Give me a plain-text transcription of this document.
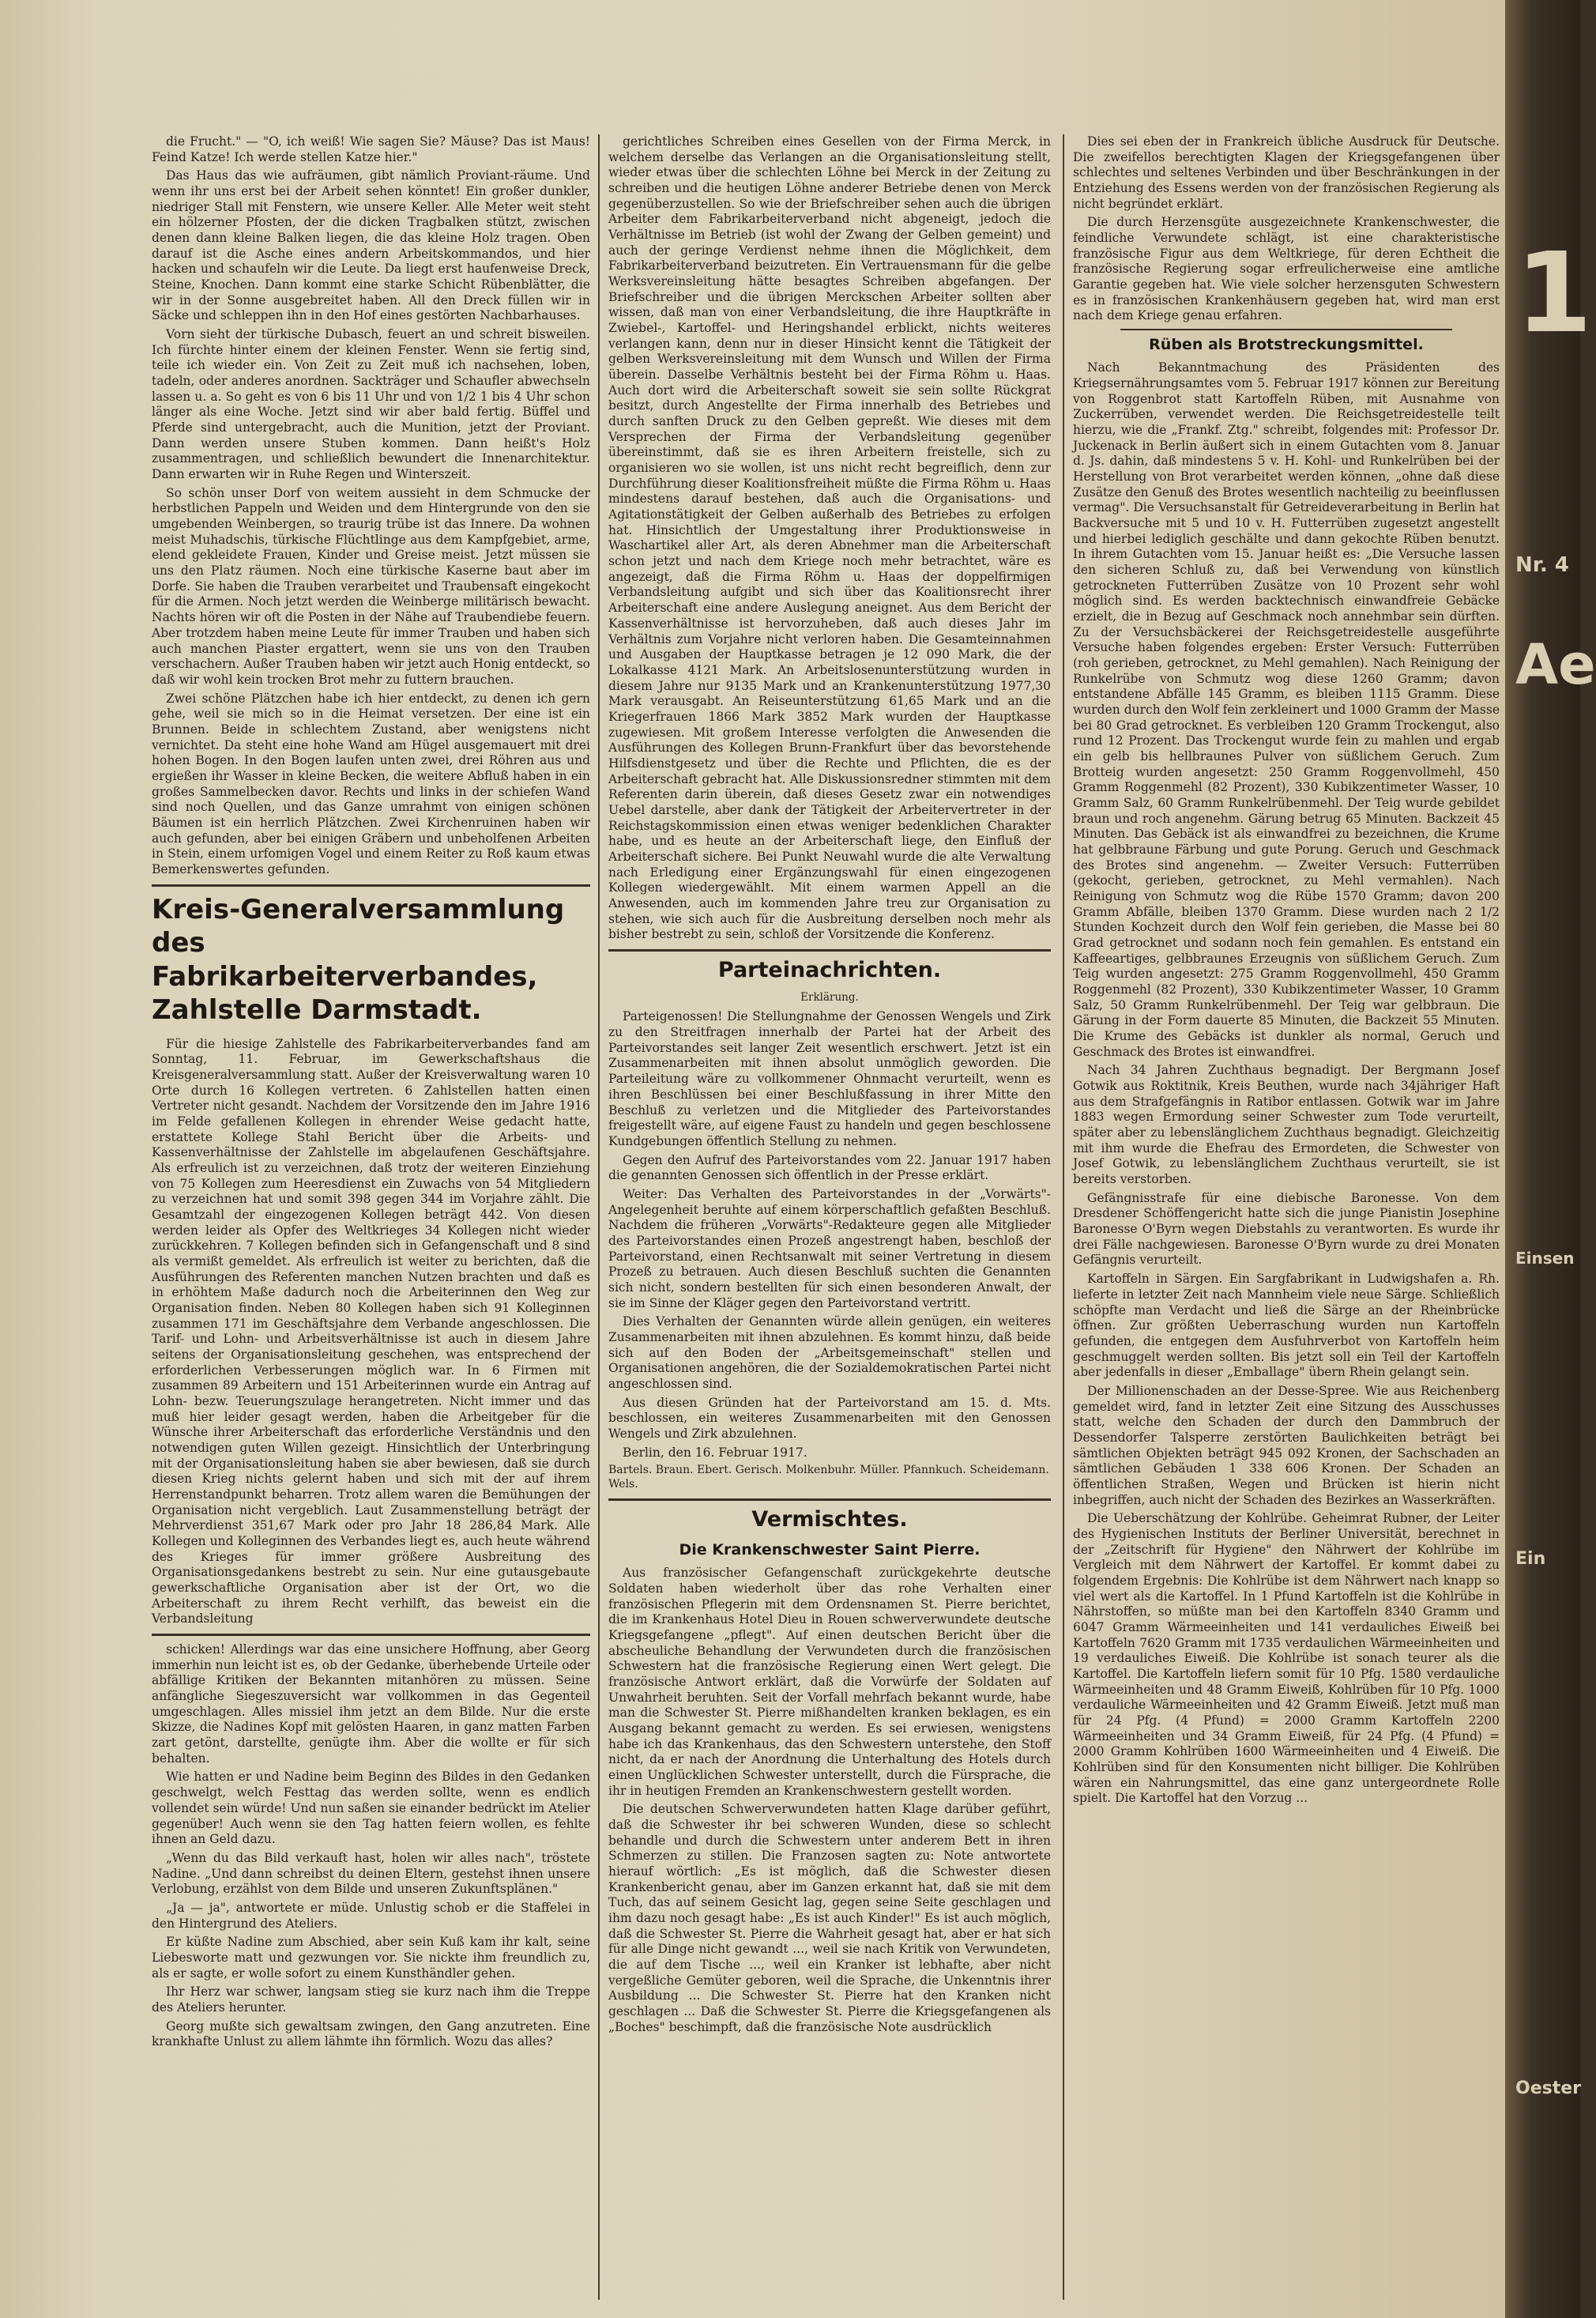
die Frucht." — "O, ich weiß! Wie sagen Sie? Mäuse? Das ist Maus! Feind Katze! Ich werde stellen Katze hier."

Das Haus das wie aufräumen, gibt nämlich Proviant-räume. Und wenn ihr uns erst bei der Arbeit sehen könntet! Ein großer dunkler, niedriger Stall mit Fenstern, wie unsere Keller. Alle Meter weit steht ein hölzerner Pfosten, der die dicken Tragbalken stützt, zwischen denen dann kleine Balken liegen, die das kleine Holz tragen. Oben darauf ist die Asche eines andern Arbeitskommandos, und hier hacken und schaufeln wir die Leute. Da liegt erst haufenweise Dreck, Steine, Knochen. Dann kommt eine starke Schicht Rübenblätter, die wir in der Sonne ausgebreitet haben. All den Dreck füllen wir in Säcke und schleppen ihn in den Hof eines gestörten Nachbarhauses.

Vorn sieht der türkische Dubasch, feuert an und schreit bisweilen. Ich fürchte hinter einem der kleinen Fenster. Wenn sie fertig sind, teile ich wieder ein. Von Zeit zu Zeit muß ich nachsehen, loben, tadeln, oder anderes anordnen. Sackträger und Schaufler abwechseln lassen u. a. So geht es von 6 bis 11 Uhr und von 1/2 1 bis 4 Uhr schon länger als eine Woche. Jetzt sind wir aber bald fertig. Büffel und Pferde sind untergebracht, auch die Munition, jetzt der Proviant. Dann werden unsere Stuben kommen. Dann heißt's Holz zusammentragen, und schließlich bewundert die Innenarchitektur. Dann erwarten wir in Ruhe Regen und Winterszeit.

So schön unser Dorf von weitem aussieht in dem Schmucke der herbstlichen Pappeln und Weiden und dem Hintergrunde von den sie umgebenden Weinbergen, so traurig trübe ist das Innere. Da wohnen meist Muhadschis, türkische Flüchtlinge aus dem Kampfgebiet, arme, elend gekleidete Frauen, Kinder und Greise meist. Jetzt müssen sie uns den Platz räumen. Noch eine türkische Kaserne baut aber im Dorfe. Sie haben die Trauben verarbeitet und Traubensaft eingekocht für die Armen. Noch jetzt werden die Weinberge militärisch bewacht. Nachts hören wir oft die Posten in der Nähe auf Traubendiebe feuern. Aber trotzdem haben meine Leute für immer Trauben und haben sich auch manchen Piaster ergattert, wenn sie uns von den Trauben verschachern. Außer Trauben haben wir jetzt auch Honig entdeckt, so daß wir wohl kein trocken Brot mehr zu futtern brauchen.

Zwei schöne Plätzchen habe ich hier entdeckt, zu denen ich gern gehe, weil sie mich so in die Heimat versetzen. Der eine ist ein Brunnen. Beide in schlechtem Zustand, aber wenigstens nicht vernichtet. Da steht eine hohe Wand am Hügel ausgemauert mit drei hohen Bogen. In den Bogen laufen unten zwei, drei Röhren aus und ergießen ihr Wasser in kleine Becken, die weitere Abfluß haben in ein großes Sammelbecken davor. Rechts und links in der schiefen Wand sind noch Quellen, und das Ganze umrahmt von einigen schönen Bäumen ist ein herrlich Plätzchen. Zwei Kirchenruinen haben wir auch gefunden, aber bei einigen Gräbern und unbeholfenen Arbeiten in Stein, einem urfomigen Vogel und einem Reiter zu Roß kaum etwas Bemerkenswertes gefunden.

Kreis-Generalversammlung des Fabrikarbeiterverbandes, Zahlstelle Darmstadt.

Für die hiesige Zahlstelle des Fabrikarbeiterverbandes fand am Sonntag, 11. Februar, im Gewerkschaftshaus die Kreisgeneralversammlung statt. Außer der Kreisverwaltung waren 10 Orte durch 16 Kollegen vertreten. 6 Zahlstellen hatten einen Vertreter nicht gesandt. Nachdem der Vorsitzende den im Jahre 1916 im Felde gefallenen Kollegen in ehrender Weise gedacht hatte, erstattete Kollege Stahl Bericht über die Arbeits- und Kassenverhältnisse der Zahlstelle im abgelaufenen Geschäftsjahre. Als erfreulich ist zu verzeichnen, daß trotz der weiteren Einziehung von 75 Kollegen zum Heeresdienst ein Zuwachs von 54 Mitgliedern zu verzeichnen hat und somit 398 gegen 344 im Vorjahre zählt. Die Gesamtzahl der eingezogenen Kollegen beträgt 442. Von diesen werden leider als Opfer des Weltkrieges 34 Kollegen nicht wieder zurückkehren. 7 Kollegen befinden sich in Gefangenschaft und 8 sind als vermißt gemeldet. Als erfreulich ist weiter zu berichten, daß die Ausführungen des Referenten manchen Nutzen brachten und daß es in erhöhtem Maße dadurch noch die Arbeiterinnen den Weg zur Organisation finden. Neben 80 Kollegen haben sich 91 Kolleginnen zusammen 171 im Geschäftsjahre dem Verbande angeschlossen. Die Tarif- und Lohn- und Arbeitsverhältnisse ist auch in diesem Jahre seitens der Organisationsleitung geschehen, was entsprechend der erforderlichen Verbesserungen möglich war. In 6 Firmen mit zusammen 89 Arbeitern und 151 Arbeiterinnen wurde ein Antrag auf Lohn- bezw. Teuerungszulage herangetreten. Nicht immer und das muß hier leider gesagt werden, haben die Arbeitgeber für die Wünsche ihrer Arbeiterschaft das erforderliche Verständnis und den notwendigen guten Willen gezeigt. Hinsichtlich der Unterbringung mit der Organisationsleitung haben sie aber bewiesen, daß sie durch diesen Krieg nichts gelernt haben und sich mit der auf ihrem Herrenstandpunkt beharren. Trotz allem waren die Bemühungen der Organisation nicht vergeblich. Laut Zusammenstellung beträgt der Mehrverdienst 351,67 Mark oder pro Jahr 18 286,84 Mark. Alle Kollegen und Kolleginnen des Verbandes liegt es, auch heute während des Krieges für immer größere Ausbreitung des Organisationsgedankens bestrebt zu sein. Nur eine gutausgebaute gewerkschaftliche Organisation aber ist der Ort, wo die Arbeiterschaft zu ihrem Recht verhilft, das beweist ein die Verbandsleitung

schicken! Allerdings war das eine unsichere Hoffnung, aber Georg immerhin nun leicht ist es, ob der Gedanke, überhebende Urteile oder abfällige Kritiken der Bekannten mitanhören zu müssen. Seine anfängliche Siegeszuversicht war vollkommen in das Gegenteil umgeschlagen. Alles missiel ihm jetzt an dem Bilde. Nur die erste Skizze, die Nadines Kopf mit gelösten Haaren, in ganz matten Farben zart getönt, darstellte, genügte ihm. Aber die wollte er für sich behalten.

Wie hatten er und Nadine beim Beginn des Bildes in den Gedanken geschwelgt, welch Festtag das werden sollte, wenn es endlich vollendet sein würde! Und nun saßen sie einander bedrückt im Atelier gegenüber! Auch wenn sie den Tag hatten feiern wollen, es fehlte ihnen an Geld dazu.

„Wenn du das Bild verkauft hast, holen wir alles nach", tröstete Nadine. „Und dann schreibst du deinen Eltern, gestehst ihnen unsere Verlobung, erzählst von dem Bilde und unseren Zukunftsplänen."

„Ja — ja", antwortete er müde. Unlustig schob er die Staffelei in den Hintergrund des Ateliers.

Er küßte Nadine zum Abschied, aber sein Kuß kam ihr kalt, seine Liebesworte matt und gezwungen vor. Sie nickte ihm freundlich zu, als er sagte, er wolle sofort zu einem Kunsthändler gehen.

Ihr Herz war schwer, langsam stieg sie kurz nach ihm die Treppe des Ateliers herunter.

Georg mußte sich gewaltsam zwingen, den Gang anzutreten. Eine krankhafte Unlust zu allem lähmte ihn förmlich. Wozu das alles?

gerichtliches Schreiben eines Gesellen von der Firma Merck, in welchem derselbe das Verlangen an die Organisationsleitung stellt, wieder etwas über die schlechten Löhne bei Merck in der Zeitung zu schreiben und die heutigen Löhne anderer Betriebe denen von Merck gegenüberzustellen. So wie der Briefschreiber sehen auch die übrigen Arbeiter dem Fabrikarbeiterverband nicht abgeneigt, jedoch die Verhältnisse im Betrieb (ist wohl der Zwang der Gelben gemeint) und auch der geringe Verdienst nehme ihnen die Möglichkeit, dem Fabrikarbeiterverband beizutreten. Ein Vertrauensmann für die gelbe Werksvereinsleitung hätte besagtes Schreiben abgefangen. Der Briefschreiber und die übrigen Merckschen Arbeiter sollten aber wissen, daß man von einer Verbandsleitung, die ihre Hauptkräfte in Zwiebel-, Kartoffel- und Heringshandel erblickt, nichts weiteres verlangen kann, denn nur in dieser Hinsicht kennt die Tätigkeit der gelben Werksvereinsleitung mit dem Wunsch und Willen der Firma überein. Dasselbe Verhältnis besteht bei der Firma Röhm u. Haas. Auch dort wird die Arbeiterschaft soweit sie sein sollte Rückgrat besitzt, durch Angestellte der Firma innerhalb des Betriebes und durch sanften Druck zu den Gelben gepreßt. Wie dieses mit dem Versprechen der Firma der Verbandsleitung gegenüber übereinstimmt, daß sie es ihren Arbeitern freistelle, sich zu organisieren wo sie wollen, ist uns nicht recht begreiflich, denn zur Durchführung dieser Koalitionsfreiheit müßte die Firma Röhm u. Haas mindestens darauf bestehen, daß auch die Organisations- und Agitationstätigkeit der Gelben außerhalb des Betriebes zu erfolgen hat. Hinsichtlich der Umgestaltung ihrer Produktionsweise in Waschartikel aller Art, als deren Abnehmer man die Arbeiterschaft schon jetzt und nach dem Kriege noch mehr betrachtet, wäre es angezeigt, daß die Firma Röhm u. Haas der doppelfirmigen Verbandsleitung aufgibt und sich über das Koalitionsrecht ihrer Arbeiterschaft eine andere Auslegung aneignet. Aus dem Bericht der Kassenverhältnisse ist hervorzuheben, daß auch dieses Jahr im Verhältnis zum Vorjahre nicht verloren haben. Die Gesamteinnahmen und Ausgaben der Hauptkasse betragen je 12 090 Mark, die der Lokalkasse 4121 Mark. An Arbeitslosenunterstützung wurden in diesem Jahre nur 9135 Mark und an Krankenunterstützung 1977,30 Mark verausgabt. An Reiseunterstützung 61,65 Mark und an die Kriegerfrauen 1866 Mark 3852 Mark wurden der Hauptkasse zugewiesen. Mit großem Interesse verfolgten die Anwesenden die Ausführungen des Kollegen Brunn-Frankfurt über das bevorstehende Hilfsdienstgesetz und über die Rechte und Pflichten, die es der Arbeiterschaft gebracht hat. Alle Diskussionsredner stimmten mit dem Referenten darin überein, daß dieses Gesetz zwar ein notwendiges Uebel darstelle, aber dank der Tätigkeit der Arbeitervertreter in der Reichstagskommission einen etwas weniger bedenklichen Charakter habe, und es heute an der Arbeiterschaft liege, den Einfluß der Arbeiterschaft sichere. Bei Punkt Neuwahl wurde die alte Verwaltung nach Erledigung einer Ergänzungswahl für einen eingezogenen Kollegen wiedergewählt. Mit einem warmen Appell an die Anwesenden, auch im kommenden Jahre treu zur Organisation zu stehen, wie sich auch für die Ausbreitung derselben noch mehr als bisher bestrebt zu sein, schloß der Vorsitzende die Konferenz.

Parteinachrichten.
Erklärung.

Parteigenossen! Die Stellungnahme der Genossen Wengels und Zirk zu den Streitfragen innerhalb der Partei hat der Arbeit des Parteivorstandes seit langer Zeit wesentlich erschwert. Jetzt ist ein Zusammenarbeiten mit ihnen absolut unmöglich geworden. Die Parteileitung wäre zu vollkommener Ohnmacht verurteilt, wenn es ihren Beschlüssen bei einer Beschlußfassung in ihrer Mitte den Beschluß zu verletzen und die Mitglieder des Parteivorstandes freigestellt wäre, auf eigene Faust zu handeln und gegen beschlossene Kundgebungen öffentlich Stellung zu nehmen.

Gegen den Aufruf des Parteivorstandes vom 22. Januar 1917 haben die genannten Genossen sich öffentlich in der Presse erklärt.

Weiter: Das Verhalten des Parteivorstandes in der „Vorwärts"-Angelegenheit beruhte auf einem körperschaftlich gefaßten Beschluß. Nachdem die früheren „Vorwärts"-Redakteure gegen alle Mitglieder des Parteivorstandes einen Prozeß angestrengt haben, beschloß der Parteivorstand, einen Rechtsanwalt mit seiner Vertretung in diesem Prozeß zu betrauen. Auch diesen Beschluß suchten die Genannten sich nicht, sondern bestellten für sich einen besonderen Anwalt, der sie im Sinne der Kläger gegen den Parteivorstand vertritt.

Dies Verhalten der Genannten würde allein genügen, ein weiteres Zusammenarbeiten mit ihnen abzulehnen. Es kommt hinzu, daß beide sich auf den Boden der „Arbeitsgemeinschaft" stellen und Organisationen angehören, die der Sozialdemokratischen Partei nicht angeschlossen sind.

Aus diesen Gründen hat der Parteivorstand am 15. d. Mts. beschlossen, ein weiteres Zusammenarbeiten mit den Genossen Wengels und Zirk abzulehnen.

Berlin, den 16. Februar 1917.

Bartels. Braun. Ebert. Gerisch. Molkenbuhr. Müller. Pfannkuch. Scheidemann. Wels.
Vermischtes.
Die Krankenschwester Saint Pierre.

Aus französischer Gefangenschaft zurückgekehrte deutsche Soldaten haben wiederholt über das rohe Verhalten einer französischen Pflegerin mit dem Ordensnamen St. Pierre berichtet, die im Krankenhaus Hotel Dieu in Rouen schwerverwundete deutsche Kriegsgefangene „pflegt". Auf einen deutschen Bericht über die abscheuliche Behandlung der Verwundeten durch die französischen Schwestern hat die französische Regierung einen Wert gelegt. Die französische Antwort erklärt, daß die Vorwürfe der Soldaten auf Unwahrheit beruhten. Seit der Vorfall mehrfach bekannt wurde, habe man die Schwester St. Pierre mißhandelten kranken beklagen, es ein Ausgang bekannt gemacht zu werden. Es sei erwiesen, wenigstens habe ich das Krankenhaus, das den Schwestern unterstehe, den Stoff nicht, da er nach der Anordnung die Unterhaltung des Hotels durch einen Unglücklichen Schwester unterstellt, durch die Fürsprache, die ihr in heutigen Fremden an Krankenschwestern gestellt worden.

Die deutschen Schwerverwundeten hatten Klage darüber geführt, daß die Schwester ihr bei schweren Wunden, diese so schlecht behandle und durch die Schwestern unter anderem Bett in ihren Schmerzen zu stillen. Die Franzosen sagten zu: Note antwortete hierauf wörtlich: „Es ist möglich, daß die Schwester diesen Krankenbericht genau, aber im Ganzen erkannt hat, daß sie mit dem Tuch, das auf seinem Gesicht lag, gegen seine Seite geschlagen und ihm dazu noch gesagt habe: „Es ist auch Kinder!" Es ist auch möglich, daß die Schwester St. Pierre die Wahrheit gesagt hat, aber er hat sich für alle Dinge nicht gewandt ..., weil sie nach Kritik von Verwundeten, die auf dem Tische ..., weil ein Kranker ist lebhafte, aber nicht vergeßliche Gemüter geboren, weil die Sprache, die Unkenntnis ihrer Ausbildung ... Die Schwester St. Pierre hat den Kranken nicht geschlagen ... Daß die Schwester St. Pierre die Kriegsgefangenen als „Boches" beschimpft, daß die französische Note ausdrücklich

Dies sei eben der in Frankreich übliche Ausdruck für Deutsche. Die zweifellos berechtigten Klagen der Kriegsgefangenen über schlechtes und seltenes Verbinden und über Beschränkungen in der Entziehung des Essens werden von der französischen Regierung als nicht begründet erklärt.

Die durch Herzensgüte ausgezeichnete Krankenschwester, die feindliche Verwundete schlägt, ist eine charakteristische französische Figur aus dem Weltkriege, für deren Echtheit die französische Regierung sogar erfreulicherweise eine amtliche Garantie gegeben hat. Wie viele solcher herzensguten Schwestern es in französischen Krankenhäusern gegeben hat, wird man erst nach dem Kriege genau erfahren.

Rüben als Brotstreckungsmittel.

Nach Bekanntmachung des Präsidenten des Kriegsernährungsamtes vom 5. Februar 1917 können zur Bereitung von Roggenbrot statt Kartoffeln Rüben, mit Ausnahme von Zuckerrüben, verwendet werden. Die Reichsgetreidestelle teilt hierzu, wie die „Frankf. Ztg." schreibt, folgendes mit: Professor Dr. Juckenack in Berlin äußert sich in einem Gutachten vom 8. Januar d. Js. dahin, daß mindestens 5 v. H. Kohl- und Runkelrüben bei der Herstellung von Brot verarbeitet werden können, „ohne daß diese Zusätze den Genuß des Brotes wesentlich nachteilig zu beeinflussen vermag". Die Versuchsanstalt für Getreideverarbeitung in Berlin hat Backversuche mit 5 und 10 v. H. Futterrüben zugesetzt angestellt und hierbei lediglich geschälte und dann gekochte Rüben benutzt. In ihrem Gutachten vom 15. Januar heißt es: „Die Versuche lassen den sicheren Schluß zu, daß bei Verwendung von künstlich getrockneten Futterrüben Zusätze von 10 Prozent sehr wohl möglich sind. Es werden backtechnisch einwandfreie Gebäcke erzielt, die in Bezug auf Geschmack noch annehmbar sein dürften. Zu der Versuchsbäckerei der Reichsgetreidestelle ausgeführte Versuche haben folgendes ergeben: Erster Versuch: Futterrüben (roh gerieben, getrocknet, zu Mehl gemahlen). Nach Reinigung der Runkelrübe von Schmutz wog diese 1260 Gramm; davon entstandene Abfälle 145 Gramm, es bleiben 1115 Gramm. Diese wurden durch den Wolf fein zerkleinert und 1000 Gramm der Masse bei 80 Grad getrocknet. Es verbleiben 120 Gramm Trockengut, also rund 12 Prozent. Das Trockengut wurde fein zu mahlen und ergab ein gelb bis hellbraunes Pulver von süßlichem Geruch. Zum Brotteig wurden angesetzt: 250 Gramm Roggenvollmehl, 450 Gramm Roggenmehl (82 Prozent), 330 Kubikzentimeter Wasser, 10 Gramm Salz, 60 Gramm Runkelrübenmehl. Der Teig wurde gebildet braun und roch angenehm. Gärung betrug 65 Minuten. Backzeit 45 Minuten. Das Gebäck ist als einwandfrei zu bezeichnen, die Krume hat gelbbraune Färbung und gute Porung. Geruch und Geschmack des Brotes sind angenehm. — Zweiter Versuch: Futterrüben (gekocht, gerieben, getrocknet, zu Mehl vermahlen). Nach Reinigung von Schmutz wog die Rübe 1570 Gramm; davon 200 Gramm Abfälle, bleiben 1370 Gramm. Diese wurden nach 2 1/2 Stunden Kochzeit durch den Wolf fein gerieben, die Masse bei 80 Grad getrocknet und sodann noch fein gemahlen. Es entstand ein Kaffeeartiges, gelbbraunes Erzeugnis von süßlichem Geruch. Zum Teig wurden angesetzt: 275 Gramm Roggenvollmehl, 450 Gramm Roggenmehl (82 Prozent), 330 Kubikzentimeter Wasser, 10 Gramm Salz, 50 Gramm Runkelrübenmehl. Der Teig war gelbbraun. Die Gärung in der Form dauerte 85 Minuten, die Backzeit 55 Minuten. Die Krume des Gebäcks ist dunkler als normal, Geruch und Geschmack des Brotes ist einwandfrei.

Nach 34 Jahren Zuchthaus begnadigt. Der Bergmann Josef Gotwik aus Roktitnik, Kreis Beuthen, wurde nach 34jähriger Haft aus dem Strafgefängnis in Ratibor entlassen. Gotwik war im Jahre 1883 wegen Ermordung seiner Schwester zum Tode verurteilt, später aber zu lebenslänglichem Zuchthaus begnadigt. Gleichzeitig mit ihm wurde die Ehefrau des Ermordeten, die Schwester von Josef Gotwik, zu lebenslänglichem Zuchthaus verurteilt, sie ist bereits verstorben.

Gefängnisstrafe für eine diebische Baronesse. Von dem Dresdener Schöffengericht hatte sich die junge Pianistin Josephine Baronesse O'Byrn wegen Diebstahls zu verantworten. Es wurde ihr drei Fälle nachgewiesen. Baronesse O'Byrn wurde zu drei Monaten Gefängnis verurteilt.

Kartoffeln in Särgen. Ein Sargfabrikant in Ludwigshafen a. Rh. lieferte in letzter Zeit nach Mannheim viele neue Särge. Schließlich schöpfte man Verdacht und ließ die Särge an der Rheinbrücke öffnen. Zur größten Ueberraschung wurden nun Kartoffeln gefunden, die entgegen dem Ausfuhrverbot von Kartoffeln heim geschmuggelt werden sollten. Bis jetzt soll ein Teil der Kartoffeln aber jedenfalls in dieser „Emballage" übern Rhein gelangt sein.

Der Millionenschaden an der Desse-Spree. Wie aus Reichenberg gemeldet wird, fand in letzter Zeit eine Sitzung des Ausschusses statt, welche den Schaden der durch den Dammbruch der Dessendorfer Talsperre zerstörten Baulichkeiten beträgt bei sämtlichen Objekten beträgt 945 092 Kronen, der Sachschaden an sämtlichen Gebäuden 1 338 606 Kronen. Der Schaden an öffentlichen Straßen, Wegen und Brücken ist hierin nicht inbegriffen, auch nicht der Schaden des Bezirkes an Wasserkräften.

Die Ueberschätzung der Kohlrübe. Geheimrat Rubner, der Leiter des Hygienischen Instituts der Berliner Universität, berechnet in der „Zeitschrift für Hygiene" den Nährwert der Kohlrübe im Vergleich mit dem Nährwert der Kartoffel. Er kommt dabei zu folgendem Ergebnis: Die Kohlrübe ist dem Nährwert nach knapp so viel wert als die Kartoffel. In 1 Pfund Kartoffeln ist die Kohlrübe in Nährstoffen, so müßte man bei den Kartoffeln 8340 Gramm und 6047 Gramm Wärmeeinheiten und 141 verdauliches Eiweiß bei Kartoffeln 7620 Gramm mit 1735 verdaulichen Wärmeeinheiten und 19 verdauliches Eiweiß. Die Kohlrübe ist sonach teurer als die Kartoffel. Die Kartoffeln liefern somit für 10 Pfg. 1580 verdauliche Wärmeeinheiten und 48 Gramm Eiweiß, Kohlrüben für 10 Pfg. 1000 verdauliche Wärmeeinheiten und 42 Gramm Eiweiß. Jetzt muß man für 24 Pfg. (4 Pfund) = 2000 Gramm Kartoffeln 2200 Wärmeeinheiten und 34 Gramm Eiweiß, für 24 Pfg. (4 Pfund) = 2000 Gramm Kohlrüben 1600 Wärmeeinheiten und 4 Eiweiß. Die Kohlrüben sind für den Konsumenten nicht billiger. Die Kohlrüben wären ein Nahrungsmittel, das eine ganz untergeordnete Rolle spielt. Die Kartoffel hat den Vorzug ...

1
Nr. 4
Ae
Einsen
Ein
Oester
